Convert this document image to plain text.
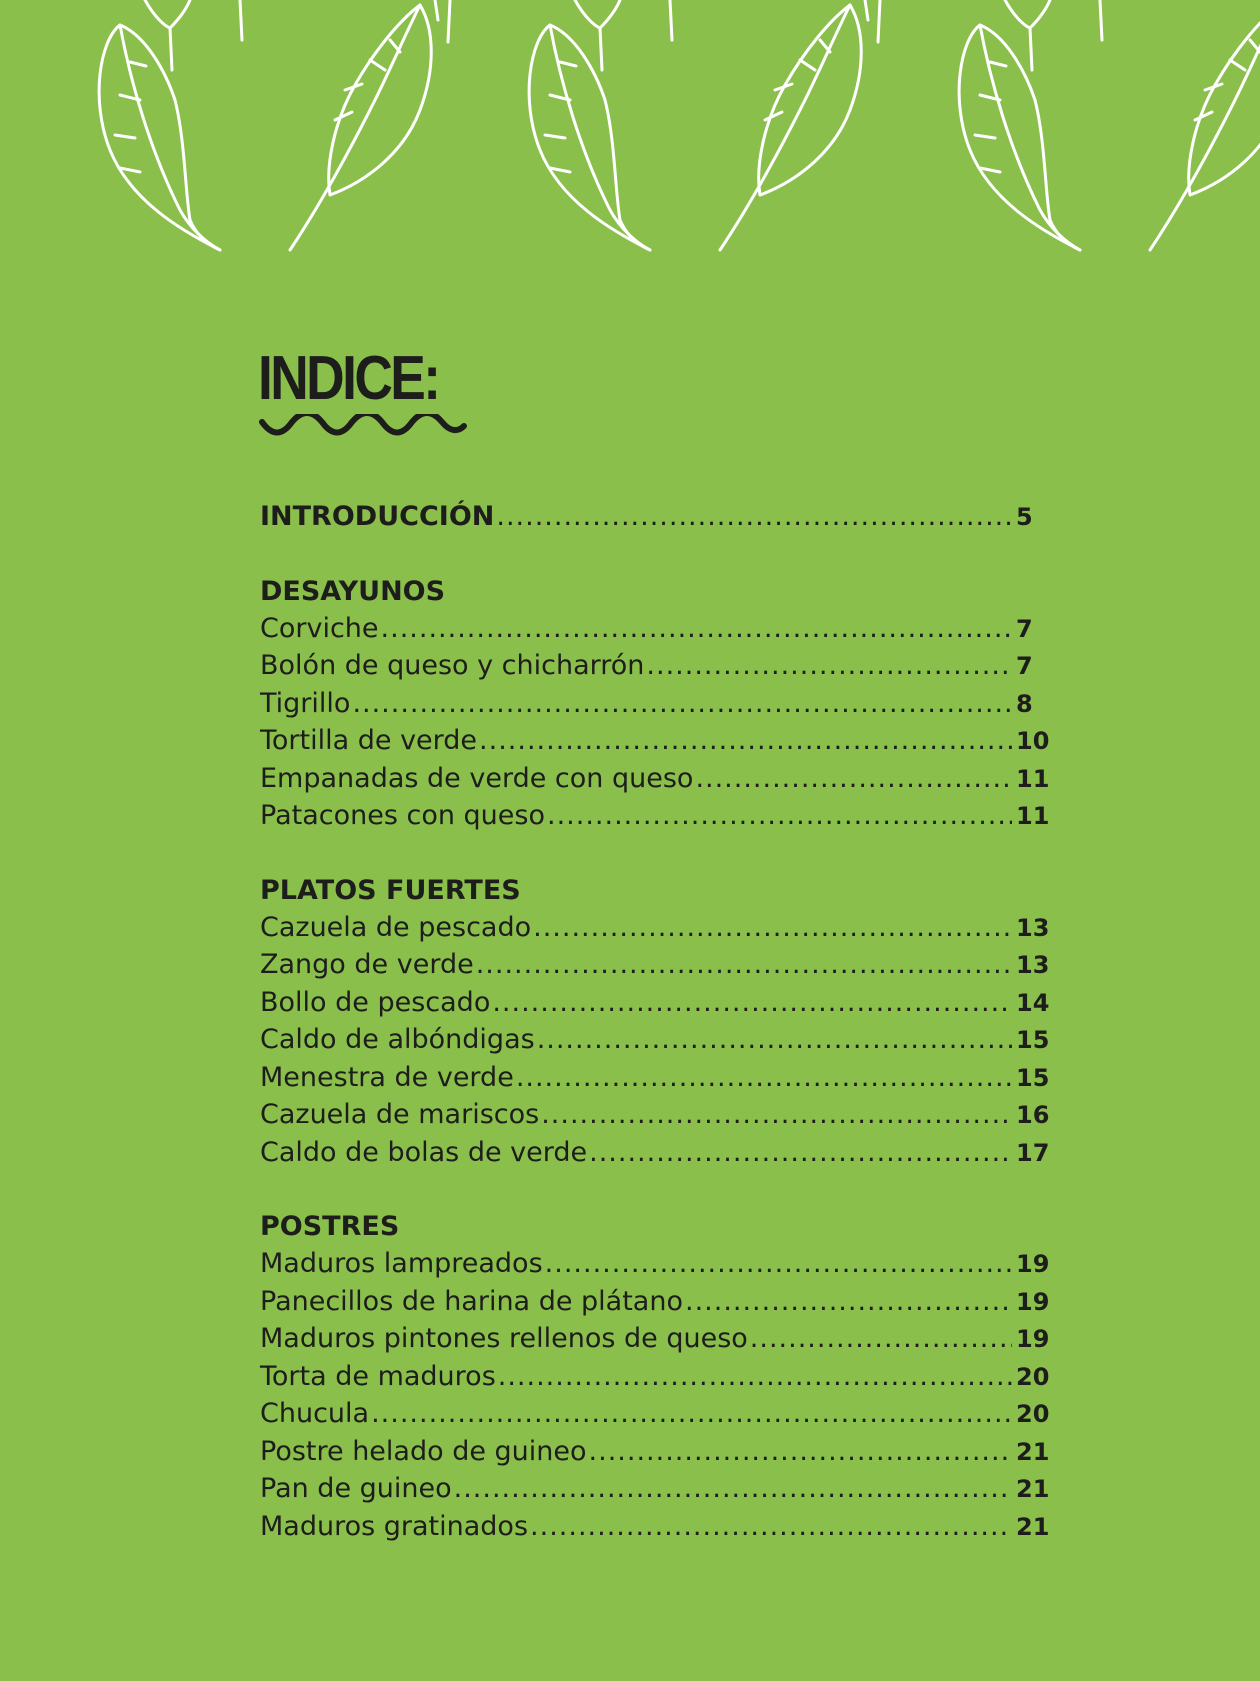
INDICE:
INTRODUCCIÓN .....	5
DESAYUNOS
Corviche .....	7
Bolón de queso y chicharrón .....	7
Tigrillo .....	8
Tortilla de verde .....	10
Empanadas de verde con queso .....	11
Patacones con queso .....	11
PLATOS FUERTES
Cazuela de pescado .....	13
Zango de verde .....	13
Bollo de pescado .....	14
Caldo de albóndigas .....	15
Menestra de verde .....	15
Cazuela de mariscos .....	16
Caldo de bolas de verde .....	17
POSTRES
Maduros lampreados .....	19
Panecillos de harina de plátano .....	19
Maduros pintones rellenos de queso .....	19
Torta de maduros .....	20
Chucula .....	20
Postre helado de guineo .....	21
Pan de guineo .....	21
Maduros gratinados .....	21
